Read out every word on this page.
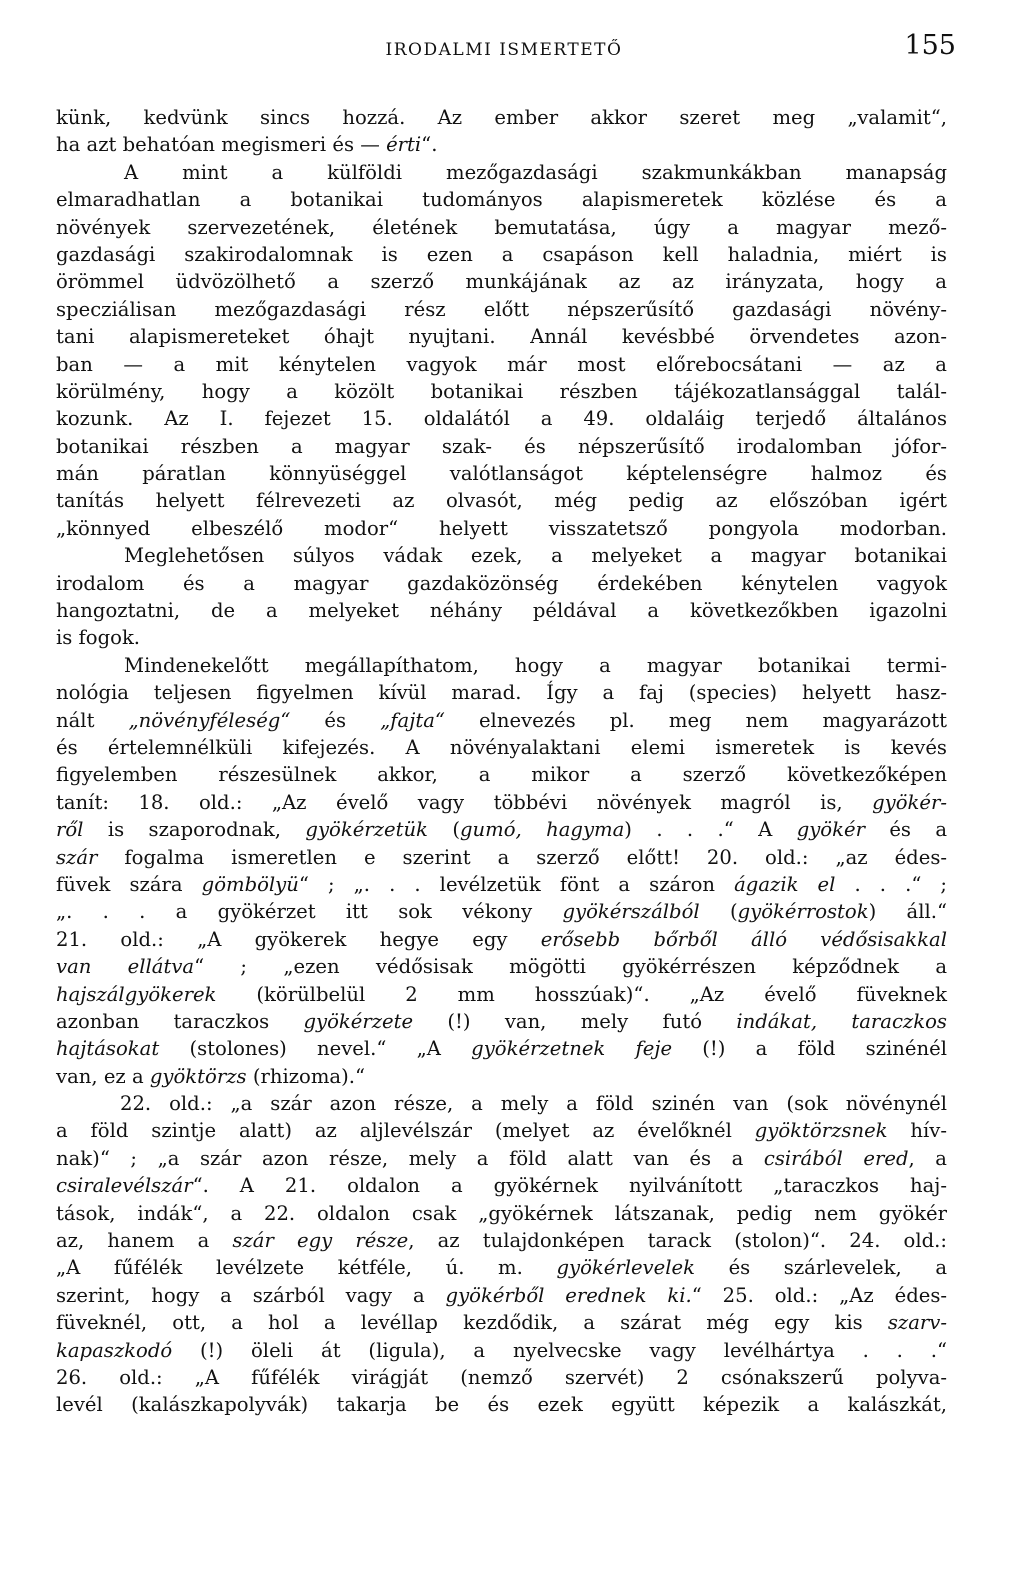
IRODALMI ISMERTETŐ	155
künk, kedvünk sincs hozzá. Az ember akkor szeret meg „valamit“,
ha azt behatóan megismeri és — érti“.
A mint a külföldi mezőgazdasági szakmunkákban manapság
elmaradhatlan a botanikai tudományos alapismeretek közlése és a
növények szervezetének, életének bemutatása, úgy a magyar mező-
gazdasági szakirodalomnak is ezen a csapáson kell haladnia, miért is
örömmel üdvözölhető a szerző munkájának az az irányzata, hogy a
specziálisan mezőgazdasági rész előtt népszerűsítő gazdasági növény-
tani alapismereteket óhajt nyujtani. Annál kevésbbé örvendetes azon-
ban — a mit kénytelen vagyok már most előrebocsátani — az a
körülmény, hogy a közölt botanikai részben tájékozatlansággal talál-
kozunk. Az I. fejezet 15. oldalától a 49. oldaláig terjedő általános
botanikai részben a magyar szak- és népszerűsítő irodalomban jófor-
mán páratlan könnyüséggel valótlanságot képtelenségre halmoz és
tanítás helyett félrevezeti az olvasót, még pedig az előszóban igért
„könnyed elbeszélő modor“ helyett visszatetsző pongyola modorban.
Meglehetősen súlyos vádak ezek, a melyeket a magyar botanikai
irodalom és a magyar gazdaközönség érdekében kénytelen vagyok
hangoztatni, de a melyeket néhány példával a következőkben igazolni
is fogok.
Mindenekelőtt megállapíthatom, hogy a magyar botanikai termi-
nológia teljesen figyelmen kívül marad. Így a faj (species) helyett hasz-
nált „növényféleség“ és „fajta“ elnevezés pl. meg nem magyarázott
és értelemnélküli kifejezés. A növényalaktani elemi ismeretek is kevés
figyelemben részesülnek akkor, a mikor a szerző következőképen
tanít: 18. old.: „Az évelő vagy többévi növények magról is, gyökér-
ről is szaporodnak, gyökérzetük (gumó, hagyma) . . .“ A gyökér és a
szár fogalma ismeretlen e szerint a szerző előtt! 20. old.: „az édes-
füvek szára gömbölyü“ ; „. . . levélzetük fönt a száron ágazik el . . .“ ;
„. . . a gyökérzet itt sok vékony gyökérszálból (gyökérrostok) áll.“
21. old.: „A gyökerek hegye egy erősebb bőrből álló védősisakkal
van ellátva“ ; „ezen védősisak mögötti gyökérrészen képződnek a
hajszálgyökerek (körülbelül 2 mm hosszúak)“. „Az évelő füveknek
azonban taraczkos gyökérzete (!) van, mely futó indákat, taraczkos
hajtásokat (stolones) nevel.“ „A gyökérzetnek feje (!) a föld szinénél
van, ez a gyöktörzs (rhizoma).“
22. old.: „a szár azon része, a mely a föld szinén van (sok növénynél
a föld szintje alatt) az aljlevélszár (melyet az évelőknél gyöktörzsnek hív-
nak)“ ; „a szár azon része, mely a föld alatt van és a csirából ered, a
csiralevélszár“. A 21. oldalon a gyökérnek nyilvánított „taraczkos haj-
tások, indák“, a 22. oldalon csak „gyökérnek látszanak, pedig nem gyökér
az, hanem a szár egy része, az tulajdonképen tarack (stolon)“. 24. old.:
„A fűfélék levélzete kétféle, ú. m. gyökérlevelek és szárlevelek, a
szerint, hogy a szárból vagy a gyökérből erednek ki.“ 25. old.: „Az édes-
füveknél, ott, a hol a levéllap kezdődik, a szárat még egy kis szarv-
kapaszkodó (!) öleli át (ligula), a nyelvecske vagy levélhártya . . .“
26. old.: „A fűfélék virágját (nemző szervét) 2 csónakszerű polyva-
levél (kalászkapolyvák) takarja be és ezek együtt képezik a kalászkát,
